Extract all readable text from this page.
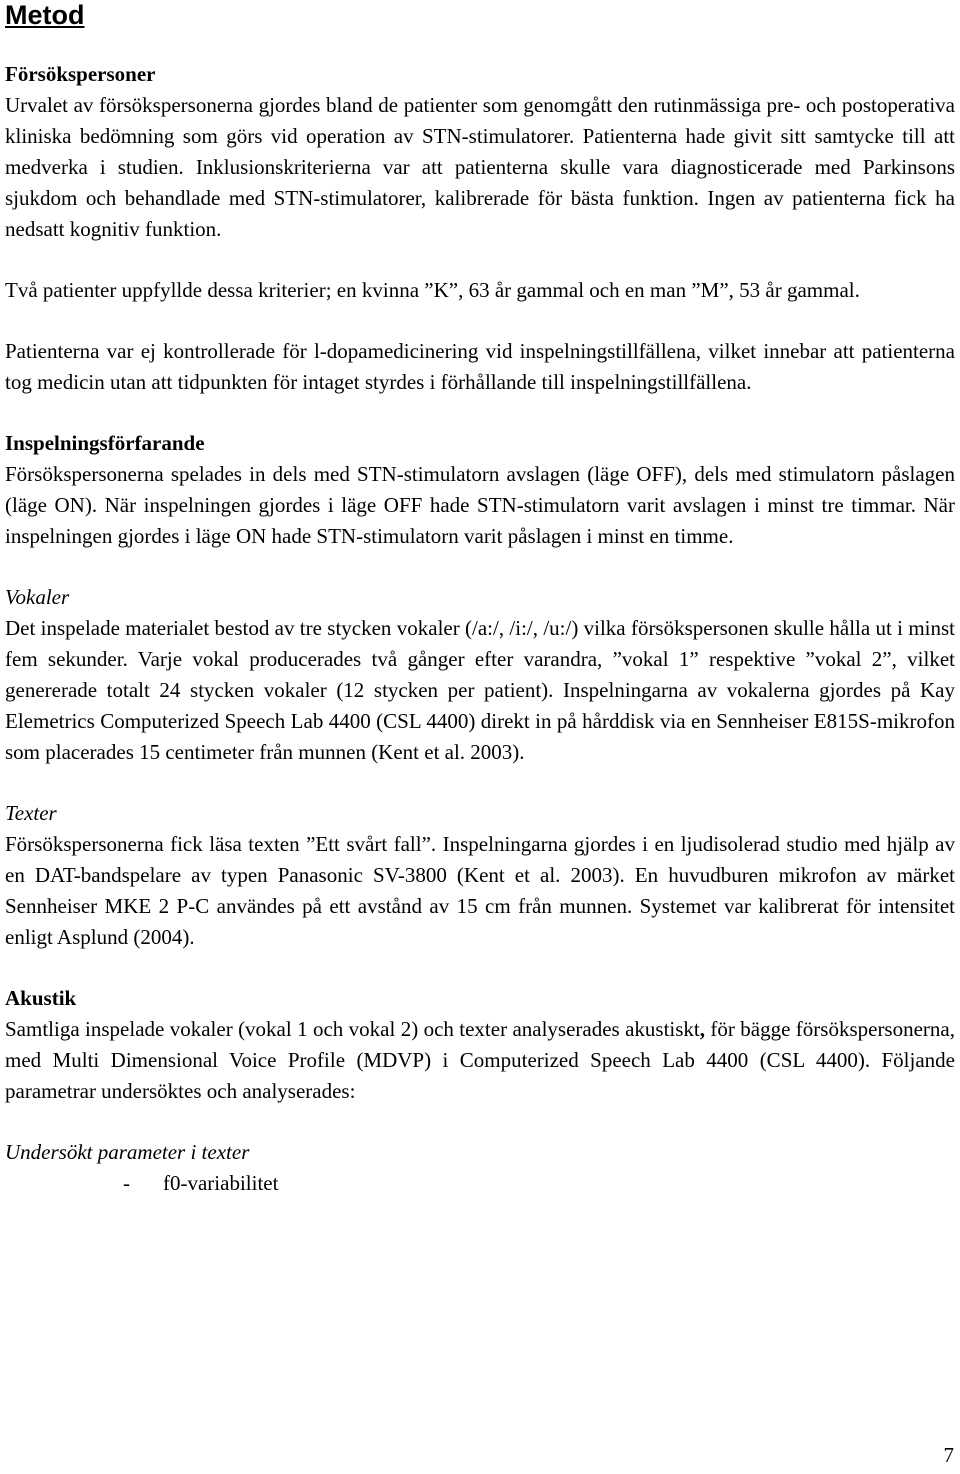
Metod
Försökspersoner

Urvalet av försökspersonerna gjordes bland de patienter som genomgått den rutinmässiga pre- och postoperativa kliniska bedömning som görs vid operation av STN-stimulatorer. Patienterna hade givit sitt samtycke till att medverka i studien. Inklusionskriterierna var att patienterna skulle vara diagnosticerade med Parkinsons sjukdom och behandlade med STN-stimulatorer, kalibrerade för bästa funktion. Ingen av patienterna fick ha nedsatt kognitiv funktion.

Två patienter uppfyllde dessa kriterier; en kvinna ”K”, 63 år gammal och en man ”M”, 53 år gammal.

Patienterna var ej kontrollerade för l-dopamedicinering vid inspelningstillfällena, vilket innebar att patienterna tog medicin utan att tidpunkten för intaget styrdes i förhållande till inspelningstillfällena.

Inspelningsförfarande

Försökspersonerna spelades in dels med STN-stimulatorn avslagen (läge OFF), dels med stimulatorn påslagen (läge ON). När inspelningen gjordes i läge OFF hade STN-stimulatorn varit avslagen i minst tre timmar. När inspelningen gjordes i läge ON hade STN-stimulatorn varit påslagen i minst en timme.

Vokaler

Det inspelade materialet bestod av tre stycken vokaler (/a:/, /i:/, /u:/) vilka försökspersonen skulle hålla ut i minst fem sekunder. Varje vokal producerades två gånger efter varandra, ”vokal 1” respektive ”vokal 2”, vilket genererade totalt 24 stycken vokaler (12 stycken per patient). Inspelningarna av vokalerna gjordes på Kay Elemetrics Computerized Speech Lab 4400 (CSL 4400) direkt in på hårddisk via en Sennheiser E815S-mikrofon som placerades 15 centimeter från munnen (Kent et al. 2003).

Texter

Försökspersonerna fick läsa texten ”Ett svårt fall”. Inspelningarna gjordes i en ljudisolerad studio med hjälp av en DAT-bandspelare av typen Panasonic SV-3800 (Kent et al. 2003). En huvudburen mikrofon av märket Sennheiser MKE 2 P-C användes på ett avstånd av 15 cm från munnen. Systemet var kalibrerat för intensitet enligt Asplund (2004).

Akustik

Samtliga inspelade vokaler (vokal 1 och vokal 2) och texter analyserades akustiskt, för bägge försökspersonerna, med Multi Dimensional Voice Profile (MDVP) i Computerized Speech Lab 4400 (CSL 4400). Följande parametrar undersöktes och analyserades:

Undersökt parameter i texter
- f0-variabilitet
7
